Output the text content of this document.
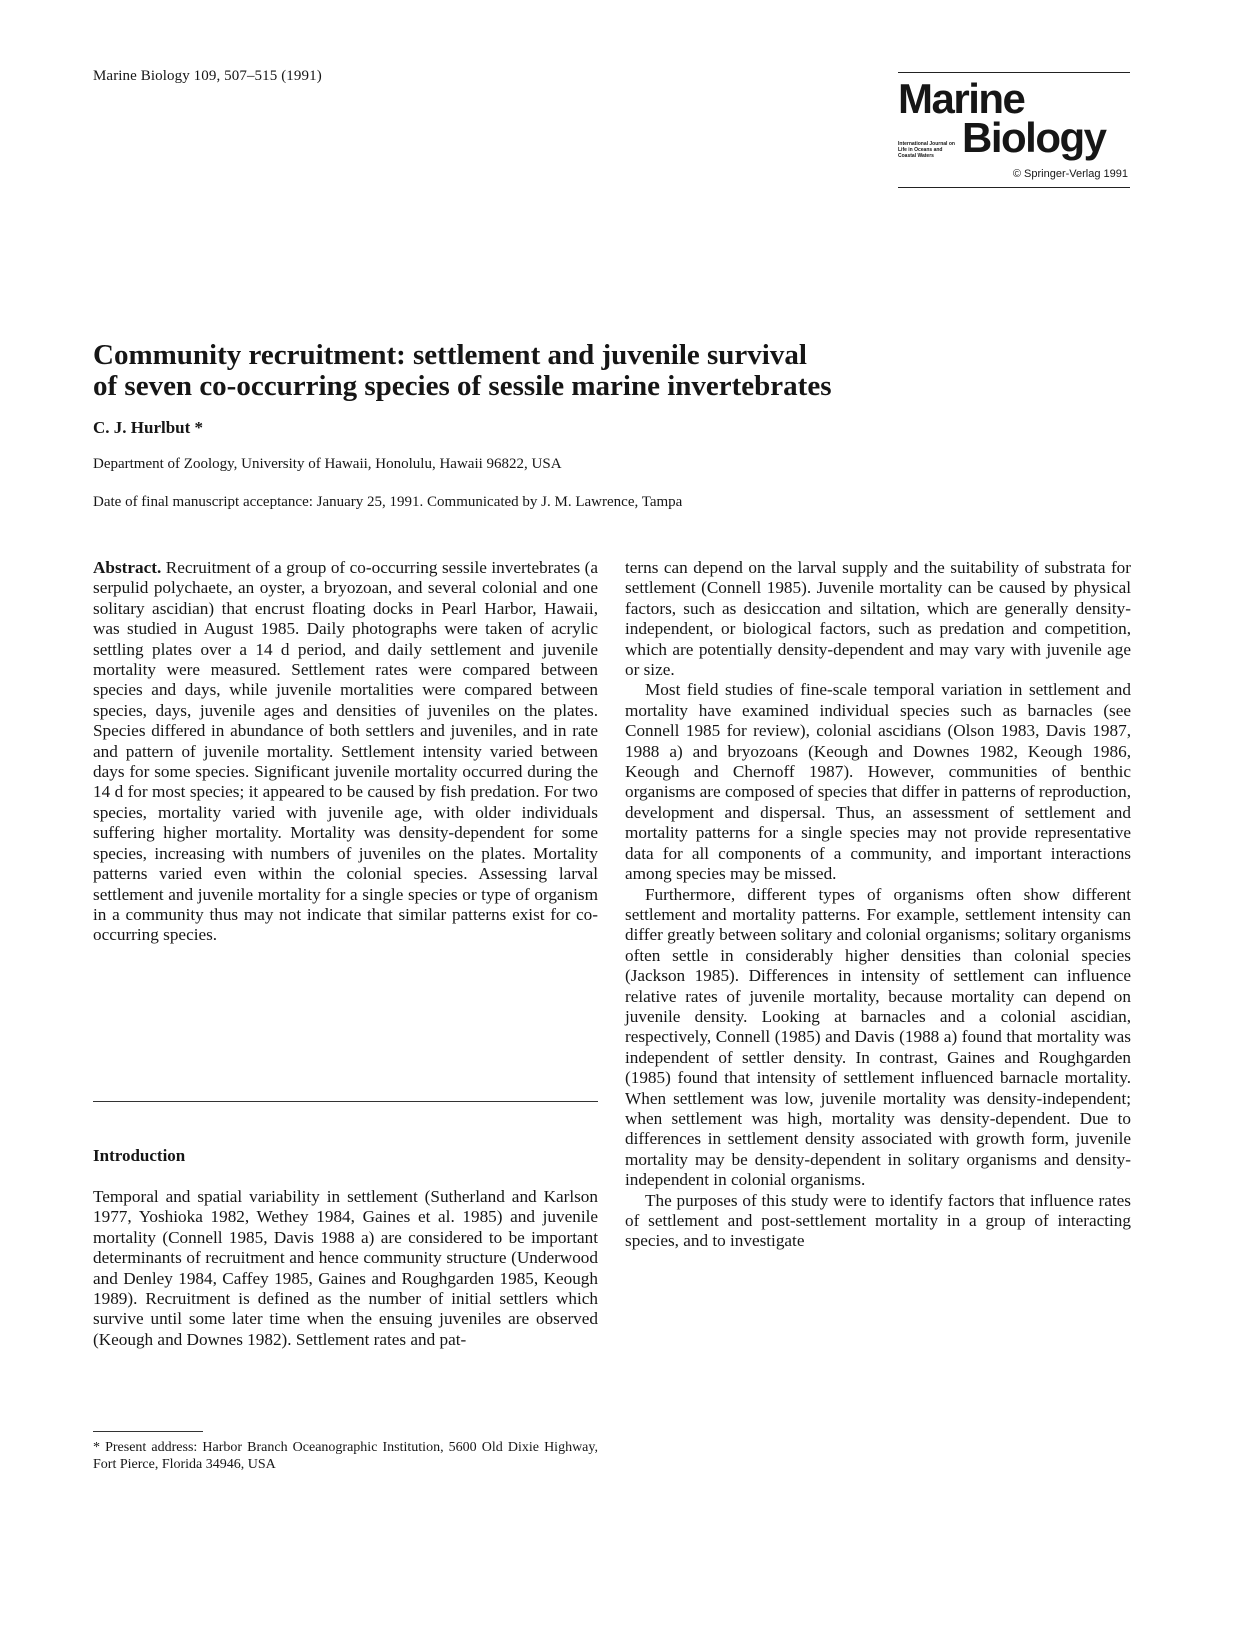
Marine Biology 109, 507–515 (1991)	Marine
International Journal on Life in Oceans and Coastal Waters Biology
© Springer-Verlag 1991
Community recruitment: settlement and juvenile survival
of seven co-occurring species of sessile marine invertebrates
C. J. Hurlbut *
Department of Zoology, University of Hawaii, Honolulu, Hawaii 96822, USA
Date of final manuscript acceptance: January 25, 1991. Communicated by J. M. Lawrence, Tampa

Abstract. Recruitment of a group of co-occurring sessile invertebrates (a serpulid polychaete, an oyster, a bryozoan, and several colonial and one solitary ascidian) that encrust floating docks in Pearl Harbor, Hawaii, was studied in August 1985. Daily photographs were taken of acrylic settling plates over a 14 d period, and daily settlement and juvenile mortality were measured. Settlement rates were compared between species and days, while juvenile mortalities were compared between species, days, juvenile ages and densities of juveniles on the plates. Species differed in abundance of both settlers and juveniles, and in rate and pattern of juvenile mortality. Settlement intensity varied between days for some species. Significant juvenile mortality occurred during the 14 d for most species; it appeared to be caused by fish predation. For two species, mortality varied with juvenile age, with older individuals suffering higher mortality. Mortality was density-dependent for some species, increasing with numbers of juveniles on the plates. Mortality patterns varied even within the colonial species. Assessing larval settlement and juvenile mortality for a single species or type of organism in a community thus may not indicate that similar patterns exist for co-occurring species.

Introduction

Temporal and spatial variability in settlement (Sutherland and Karlson 1977, Yoshioka 1982, Wethey 1984, Gaines et al. 1985) and juvenile mortality (Connell 1985, Davis 1988 a) are considered to be important determinants of recruitment and hence community structure (Underwood and Denley 1984, Caffey 1985, Gaines and Roughgarden 1985, Keough 1989). Recruitment is defined as the number of initial settlers which survive until some later time when the ensuing juveniles are observed (Keough and Downes 1982). Settlement rates and pat-

* Present address: Harbor Branch Oceanographic Institution, 5600 Old Dixie Highway, Fort Pierce, Florida 34946, USA

terns can depend on the larval supply and the suitability of substrata for settlement (Connell 1985). Juvenile mortality can be caused by physical factors, such as desiccation and siltation, which are generally density-independent, or biological factors, such as predation and competition, which are potentially density-dependent and may vary with juvenile age or size.

Most field studies of fine-scale temporal variation in settlement and mortality have examined individual species such as barnacles (see Connell 1985 for review), colonial ascidians (Olson 1983, Davis 1987, 1988 a) and bryozoans (Keough and Downes 1982, Keough 1986, Keough and Chernoff 1987). However, communities of benthic organisms are composed of species that differ in patterns of reproduction, development and dispersal. Thus, an assessment of settlement and mortality patterns for a single species may not provide representative data for all components of a community, and important interactions among species may be missed.

Furthermore, different types of organisms often show different settlement and mortality patterns. For example, settlement intensity can differ greatly between solitary and colonial organisms; solitary organisms often settle in considerably higher densities than colonial species (Jackson 1985). Differences in intensity of settlement can influence relative rates of juvenile mortality, because mortality can depend on juvenile density. Looking at barnacles and a colonial ascidian, respectively, Connell (1985) and Davis (1988 a) found that mortality was independent of settler density. In contrast, Gaines and Roughgarden (1985) found that intensity of settlement influenced barnacle mortality. When settlement was low, juvenile mortality was density-independent; when settlement was high, mortality was density-dependent. Due to differences in settlement density associated with growth form, juvenile mortality may be density-dependent in solitary organisms and density-independent in colonial organisms.

The purposes of this study were to identify factors that influence rates of settlement and post-settlement mortality in a group of interacting species, and to investigate
